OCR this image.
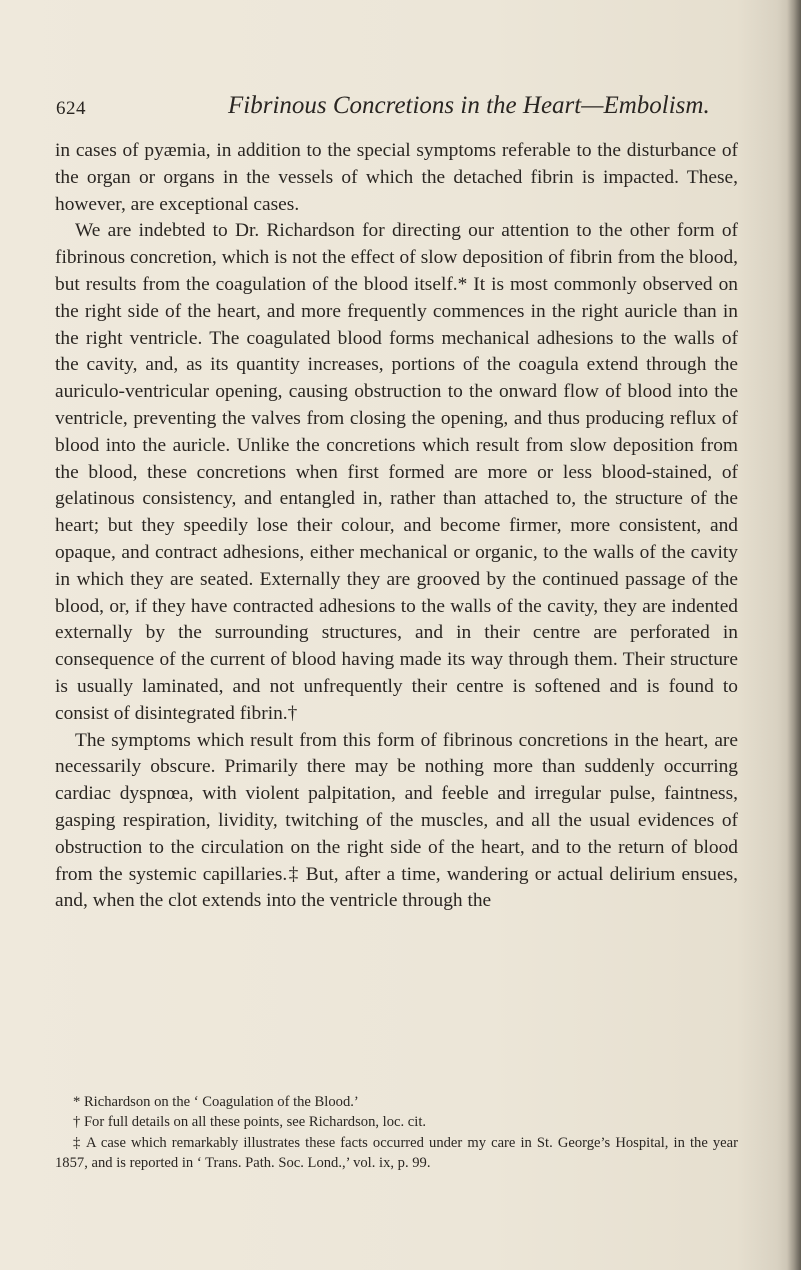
624	Fibrinous Concretions in the Heart—Embolism.

in cases of pyæmia, in addition to the special symptoms referable to the disturbance of the organ or organs in the vessels of which the detached fibrin is impacted. These, however, are exceptional cases.

We are indebted to Dr. Richardson for directing our attention to the other form of fibrinous concretion, which is not the effect of slow deposition of fibrin from the blood, but results from the coagulation of the blood itself.* It is most commonly observed on the right side of the heart, and more frequently commences in the right auricle than in the right ventricle. The coagulated blood forms mechanical adhesions to the walls of the cavity, and, as its quantity increases, portions of the coagula extend through the auriculo-ventricular opening, causing obstruction to the onward flow of blood into the ventricle, preventing the valves from closing the opening, and thus producing reflux of blood into the auricle. Unlike the concretions which result from slow deposition from the blood, these concretions when first formed are more or less blood-stained, of gelatinous consistency, and entangled in, rather than attached to, the structure of the heart; but they speedily lose their colour, and become firmer, more consistent, and opaque, and contract adhesions, either mechanical or organic, to the walls of the cavity in which they are seated. Externally they are grooved by the continued passage of the blood, or, if they have contracted adhesions to the walls of the cavity, they are indented externally by the surrounding structures, and in their centre are perforated in consequence of the current of blood having made its way through them. Their structure is usually laminated, and not unfrequently their centre is softened and is found to consist of disintegrated fibrin.†

The symptoms which result from this form of fibrinous concretions in the heart, are necessarily obscure. Primarily there may be nothing more than suddenly occurring cardiac dyspnœa, with violent palpitation, and feeble and irregular pulse, faintness, gasping respiration, lividity, twitching of the muscles, and all the usual evidences of obstruction to the circulation on the right side of the heart, and to the return of blood from the systemic capillaries.‡ But, after a time, wandering or actual delirium ensues, and, when the clot extends into the ventricle through the

* Richardson on the ‘ Coagulation of the Blood.’

† For full details on all these points, see Richardson, loc. cit.

‡ A case which remarkably illustrates these facts occurred under my care in St. George’s Hospital, in the year 1857, and is reported in ‘ Trans. Path. Soc. Lond.,’ vol. ix, p. 99.
